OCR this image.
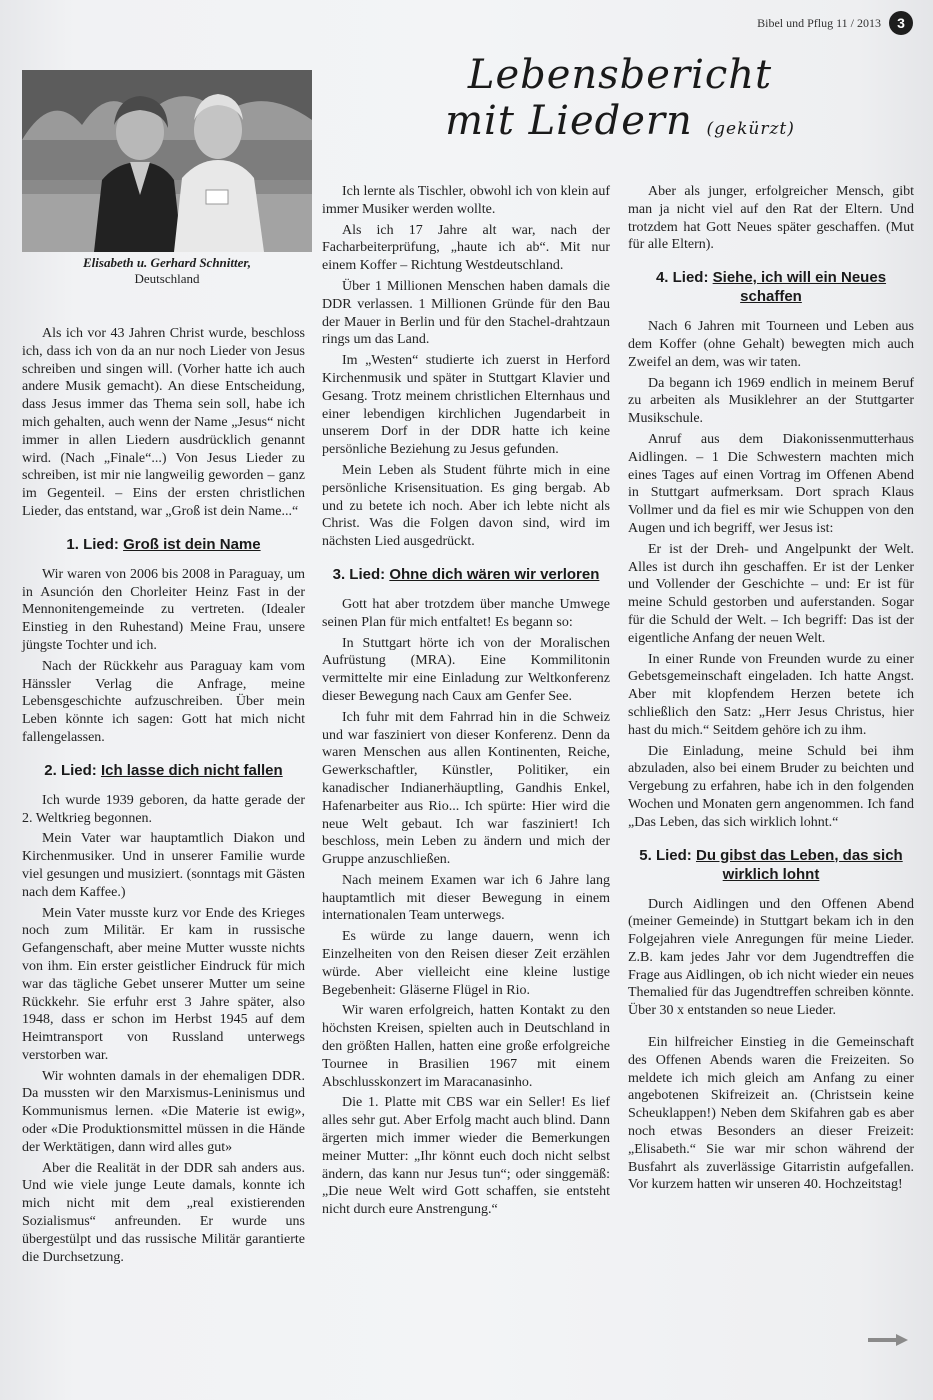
Bibel und Pflug 11 / 2013	3
Elisabeth u. Gerhard Schnitter,
Deutschland
Lebensbericht
mit Liedern (gekürzt)

Als ich vor 43 Jahren Christ wurde, beschloss ich, dass ich von da an nur noch Lieder von Jesus schreiben und singen will. (Vorher hatte ich auch andere Musik gemacht). An diese Entscheidung, dass Jesus immer das Thema sein soll, habe ich mich gehalten, auch wenn der Name „Jesus“ nicht immer in allen Liedern ausdrücklich genannt wird. (Nach „Finale“...) Von Jesus Lieder zu schreiben, ist mir nie langweilig geworden – ganz im Gegenteil. – Eins der ersten christlichen Lieder, das entstand, war „Groß ist dein Name...“

1. Lied: Groß ist dein Name

Wir waren von 2006 bis 2008 in Paraguay, um in Asunción den Chorleiter Heinz Fast in der Mennonitengemeinde zu vertreten. (Idealer Einstieg in den Ruhestand) Meine Frau, unsere jüngste Tochter und ich.

Nach der Rückkehr aus Paraguay kam vom Hänssler Verlag die Anfrage, meine Lebensgeschichte aufzuschreiben. Über mein Leben könnte ich sagen: Gott hat mich nicht fallengelassen.

2. Lied: Ich lasse dich nicht fallen

Ich wurde 1939 geboren, da hatte gerade der 2. Weltkrieg begonnen.

Mein Vater war hauptamtlich Diakon und Kirchenmusiker. Und in unserer Familie wurde viel gesungen und musiziert. (sonntags mit Gästen nach dem Kaffee.)

Mein Vater musste kurz vor Ende des Krieges noch zum Militär. Er kam in russische Gefangenschaft, aber meine Mutter wusste nichts von ihm. Ein erster geistlicher Eindruck für mich war das tägliche Gebet unserer Mutter um seine Rückkehr. Sie erfuhr erst 3 Jahre später, also 1948, dass er schon im Herbst 1945 auf dem Heimtransport von Russland unterwegs verstorben war.

Wir wohnten damals in der ehemaligen DDR. Da mussten wir den Marxismus-Leninismus und Kommunismus lernen. «Die Materie ist ewig», oder «Die Produktionsmittel müssen in die Hände der Werktätigen, dann wird alles gut»

Aber die Realität in der DDR sah anders aus. Und wie viele junge Leute damals, konnte ich mich nicht mit dem „real existierenden Sozialismus“ anfreunden. Er wurde uns übergestülpt und das russische Militär garantierte die Durchsetzung.

Ich lernte als Tischler, obwohl ich von klein auf immer Musiker werden wollte.

Als ich 17 Jahre alt war, nach der Facharbeiterprüfung, „haute ich ab“. Mit nur einem Koffer – Richtung Westdeutschland.

Über 1 Millionen Menschen haben damals die DDR verlassen. 1 Millionen Gründe für den Bau der Mauer in Berlin und für den Stachel-drahtzaun rings um das Land.

Im „Westen“ studierte ich zuerst in Herford Kirchenmusik und später in Stuttgart Klavier und Gesang. Trotz meinem christlichen Elternhaus und einer lebendigen kirchlichen Jugendarbeit in unserem Dorf in der DDR hatte ich keine persönliche Beziehung zu Jesus gefunden.

Mein Leben als Student führte mich in eine persönliche Krisensituation. Es ging bergab. Ab und zu betete ich noch. Aber ich lebte nicht als Christ. Was die Folgen davon sind, wird im nächsten Lied ausgedrückt.

3. Lied: Ohne dich wären wir verloren

Gott hat aber trotzdem über manche Umwege seinen Plan für mich entfaltet! Es begann so:

In Stuttgart hörte ich von der Moralischen Aufrüstung (MRA). Eine Kommilitonin vermittelte mir eine Einladung zur Weltkonferenz dieser Bewegung nach Caux am Genfer See.

Ich fuhr mit dem Fahrrad hin in die Schweiz und war fasziniert von dieser Konferenz. Denn da waren Menschen aus allen Kontinenten, Reiche, Gewerkschaftler, Künstler, Politiker, ein kanadischer Indianerhäuptling, Gandhis Enkel, Hafenarbeiter aus Rio... Ich spürte: Hier wird die neue Welt gebaut. Ich war fasziniert! Ich beschloss, mein Leben zu ändern und mich der Gruppe anzuschließen.

Nach meinem Examen war ich 6 Jahre lang hauptamtlich mit dieser Bewegung in einem internationalen Team unterwegs.

Es würde zu lange dauern, wenn ich Einzelheiten von den Reisen dieser Zeit erzählen würde. Aber vielleicht eine kleine lustige Begebenheit: Gläserne Flügel in Rio.

Wir waren erfolgreich, hatten Kontakt zu den höchsten Kreisen, spielten auch in Deutschland in den größten Hallen, hatten eine große erfolgreiche Tournee in Brasilien 1967 mit einem Abschlusskonzert im Maracanasinho.

Die 1. Platte mit CBS war ein Seller! Es lief alles sehr gut. Aber Erfolg macht auch blind. Dann ärgerten mich immer wieder die Bemerkungen meiner Mutter: „Ihr könnt euch doch nicht selbst ändern, das kann nur Jesus tun“; oder singgemäß: „Die neue Welt wird Gott schaffen, sie entsteht nicht durch eure Anstrengung.“

Aber als junger, erfolgreicher Mensch, gibt man ja nicht viel auf den Rat der Eltern. Und trotzdem hat Gott Neues später geschaffen. (Mut für alle Eltern).

4. Lied: Siehe, ich will ein Neues schaffen

Nach 6 Jahren mit Tourneen und Leben aus dem Koffer (ohne Gehalt) bewegten mich auch Zweifel an dem, was wir taten.

Da begann ich 1969 endlich in meinem Beruf zu arbeiten als Musiklehrer an der Stuttgarter Musikschule.

Anruf aus dem Diakonissenmutterhaus Aidlingen. – 1 Die Schwestern machten mich eines Tages auf einen Vortrag im Offenen Abend in Stuttgart aufmerksam. Dort sprach Klaus Vollmer und da fiel es mir wie Schuppen von den Augen und ich begriff, wer Jesus ist:

Er ist der Dreh- und Angelpunkt der Welt. Alles ist durch ihn geschaffen. Er ist der Lenker und Vollender der Geschichte – und: Er ist für meine Schuld gestorben und auferstanden. Sogar für die Schuld der Welt. – Ich begriff: Das ist der eigentliche Anfang der neuen Welt.

In einer Runde von Freunden wurde zu einer Gebetsgemeinschaft eingeladen. Ich hatte Angst. Aber mit klopfendem Herzen betete ich schließlich den Satz: „Herr Jesus Christus, hier hast du mich.“ Seitdem gehöre ich zu ihm.

Die Einladung, meine Schuld bei ihm abzuladen, also bei einem Bruder zu beichten und Vergebung zu erfahren, habe ich in den folgenden Wochen und Monaten gern angenommen. Ich fand „Das Leben, das sich wirklich lohnt.“

5. Lied: Du gibst das Leben, das sich wirklich lohnt

Durch Aidlingen und den Offenen Abend (meiner Gemeinde) in Stuttgart bekam ich in den Folgejahren viele Anregungen für meine Lieder. Z.B. kam jedes Jahr vor dem Jugendtreffen die Frage aus Aidlingen, ob ich nicht wieder ein neues Themalied für das Jugendtreffen schreiben könnte. Über 30 x entstanden so neue Lieder.

Ein hilfreicher Einstieg in die Gemeinschaft des Offenen Abends waren die Freizeiten. So meldete ich mich gleich am Anfang zu einer angebotenen Skifreizeit an. (Christsein keine Scheuklappen!) Neben dem Skifahren gab es aber noch etwas Besonders an dieser Freizeit: „Elisabeth.“ Sie war mir schon während der Busfahrt als zuverlässige Gitarristin aufgefallen. Vor kurzem hatten wir unseren 40. Hochzeitstag!
